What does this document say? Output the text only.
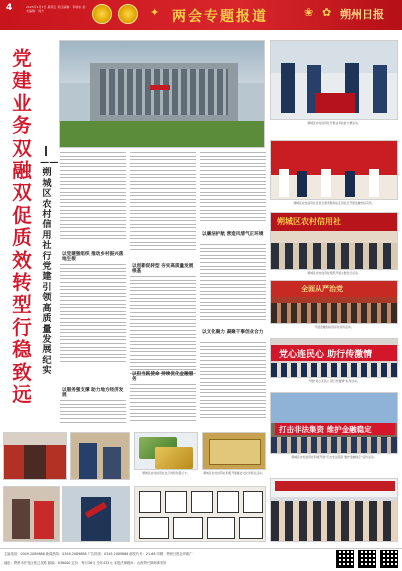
4	2025年1月3日 星期五 责任编辑：李晓东 美术编辑：刘方	✦ 两会专题报道	❀ ✿ 朔州日报
党建业务双融双促 质效转型行稳致远
——朔城区农村信用社行党建引领高质量发展纪实
朔城区农村信用社开展业务技能大赛活动。
朔城区农村信用社党员志愿者服务队走进社区开展金融知识宣传。
朔城区农村信用社
朔城区农村信用社组织开展主题党日活动。
全面从严治党
开展金融知识进乡村宣传活动。
党心连民心 助行传激情
开展“党心连民心 助行传激情”系列活动。
打击非法集资 维护金融稳定
朔城区农村信用社积极开展“打击非法集资 维护金融稳定”宣传活动。
朔城区农村信用社发行的特色银行卡。	朔城区农村信用社积极开展廉洁文化进网点活动。
以党建强组织 推动乡村振兴落地生根
以服务强支撑 助力地方经济发展
以创新促转型 夯实高质量发展根基
以担当践使命 持续优化金融服务
以廉洁护航 营造风清气正环境
以文化聚力 凝聚干事创业合力
主编电话：0349-2089886 新闻热线：0349-2089888 广告热线：0349-2089866 邮发代号：21-68 印刷：朔州日报社印刷厂
地址：朔州市开发区张辽北路 邮编：036000 定价：每月36元 全年432元 本报法律顾问：山西朔兴律师事务所
